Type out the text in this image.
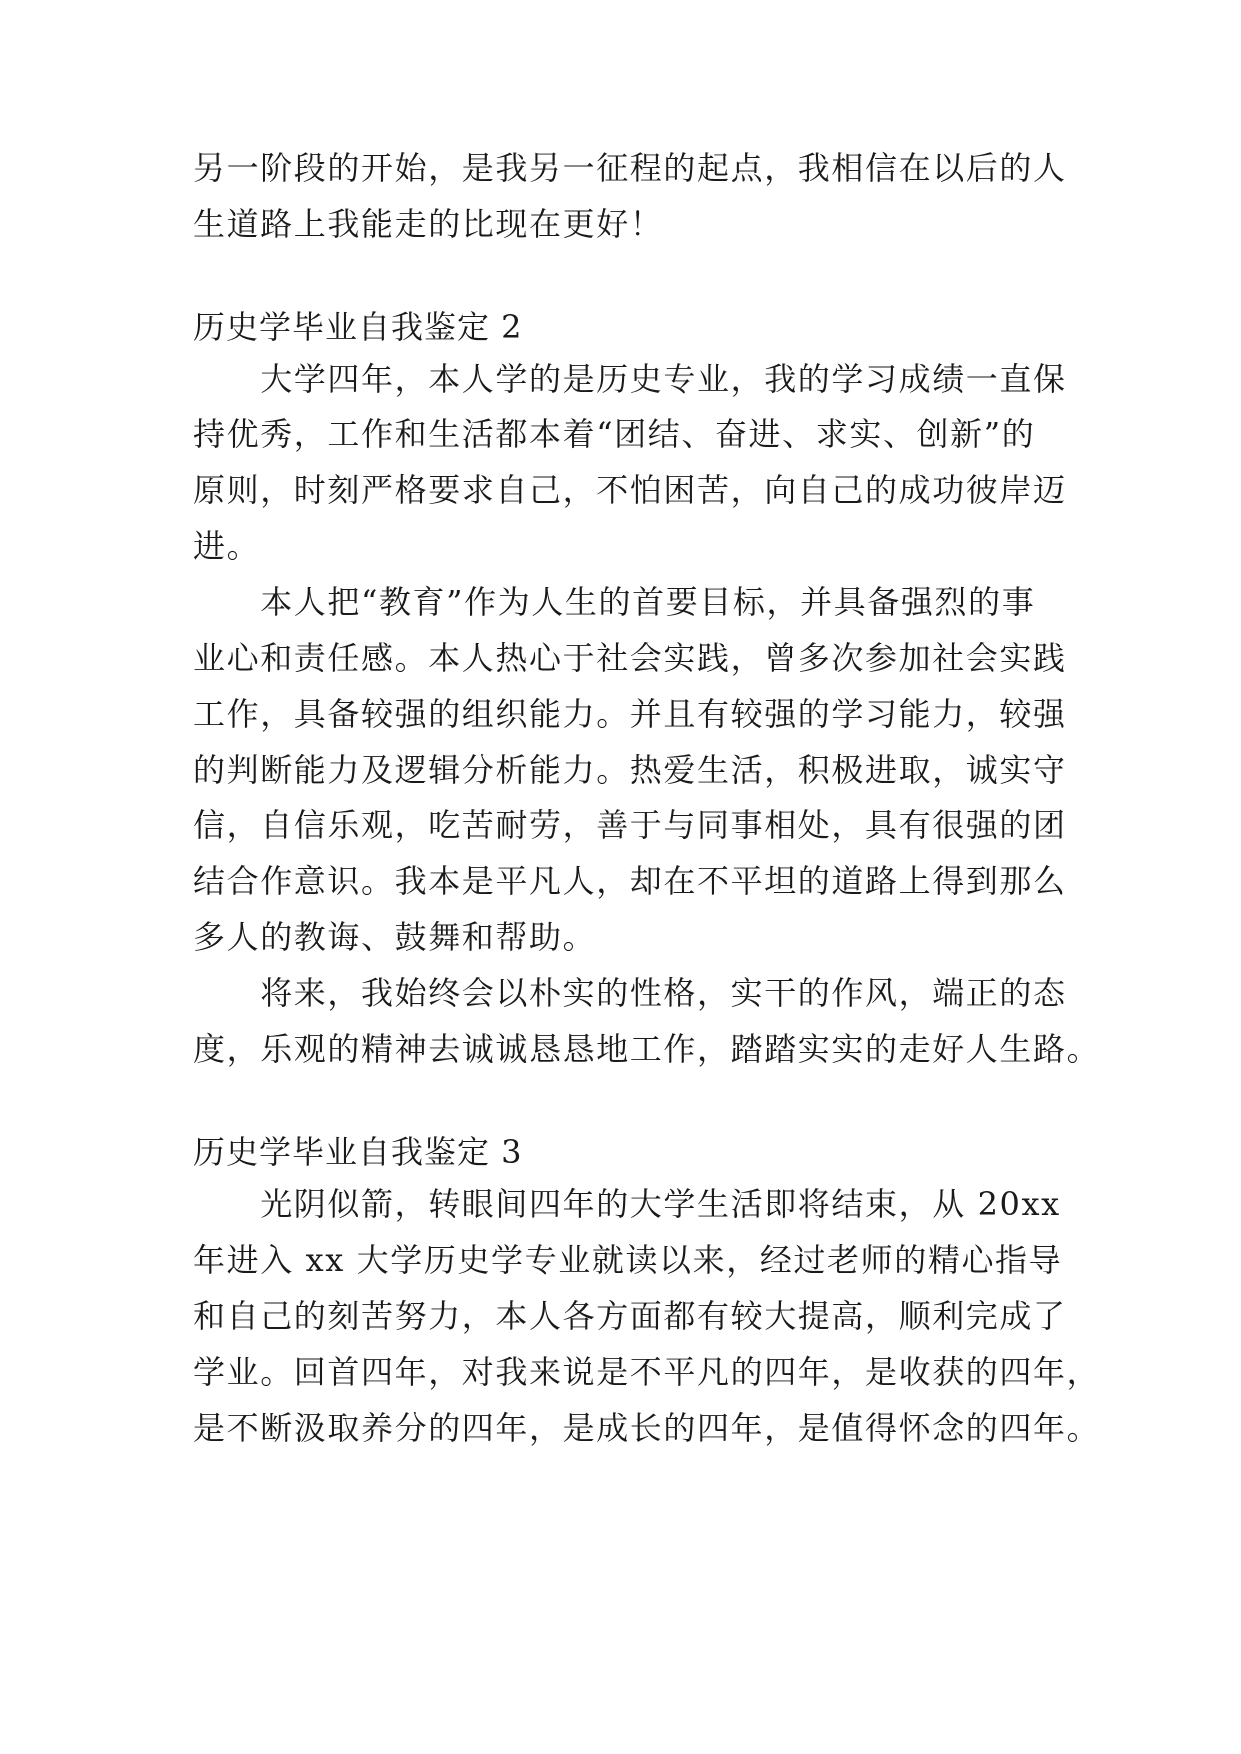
另一阶段的开始，是我另一征程的起点，我相信在以后的人
生道路上我能走的比现在更好！
历史学毕业自我鉴定 2
　　大学四年，本人学的是历史专业，我的学习成绩一直保
持优秀，工作和生活都本着“团结、奋进、求实、创新”的
原则，时刻严格要求自己，不怕困苦，向自己的成功彼岸迈
进。
　　本人把“教育”作为人生的首要目标，并具备强烈的事
业心和责任感。本人热心于社会实践，曾多次参加社会实践
工作，具备较强的组织能力。并且有较强的学习能力，较强
的判断能力及逻辑分析能力。热爱生活，积极进取，诚实守
信，自信乐观，吃苦耐劳，善于与同事相处，具有很强的团
结合作意识。我本是平凡人，却在不平坦的道路上得到那么
多人的教诲、鼓舞和帮助。
　　将来，我始终会以朴实的性格，实干的作风，端正的态
度，乐观的精神去诚诚恳恳地工作，踏踏实实的走好人生路。
历史学毕业自我鉴定 3
　　光阴似箭，转眼间四年的大学生活即将结束，从 20xx
年进入 xx 大学历史学专业就读以来，经过老师的精心指导
和自己的刻苦努力，本人各方面都有较大提高，顺利完成了
学业。回首四年，对我来说是不平凡的四年，是收获的四年，
是不断汲取养分的四年，是成长的四年，是值得怀念的四年。
